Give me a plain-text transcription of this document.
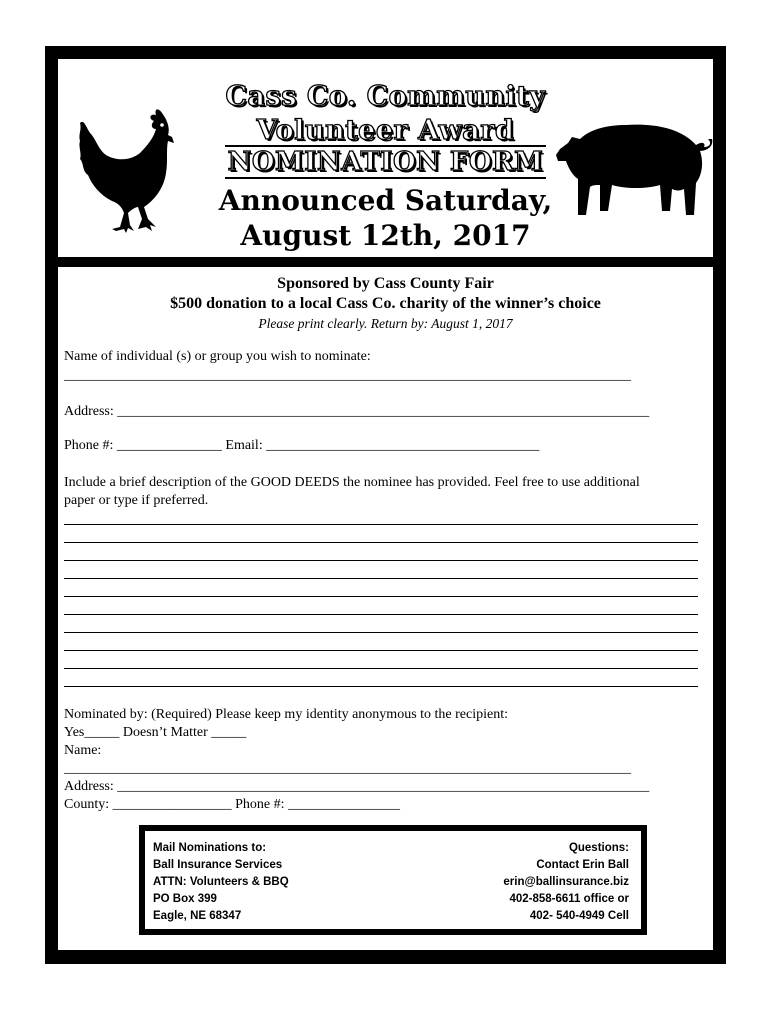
Cass Co. Community
Volunteer Award
NOMINATION FORM
Announced Saturday,
August 12th, 2017
Sponsored by Cass County Fair
$500 donation to a local Cass Co. charity of the winner’s choice
Please print clearly. Return by: August 1, 2017
Name of individual (s) or group you wish to nominate:
_________________________________________________________________________________
Address: ____________________________________________________________________________
Phone #: _______________ Email: _______________________________________
Include a brief description of the GOOD DEEDS the nominee has provided. Feel free to use additional
paper or type if preferred.
Nominated by: (Required) Please keep my identity anonymous to the recipient:
Yes_____ Doesn’t Matter _____
Name:
_________________________________________________________________________________
Address: ____________________________________________________________________________
County: _________________ Phone #: ________________
Mail Nominations to:
Ball Insurance Services
ATTN: Volunteers & BBQ
PO Box 399
Eagle, NE 68347
Questions:
Contact Erin Ball
erin@ballinsurance.biz
402-858-6611 office or
402- 540-4949 Cell
